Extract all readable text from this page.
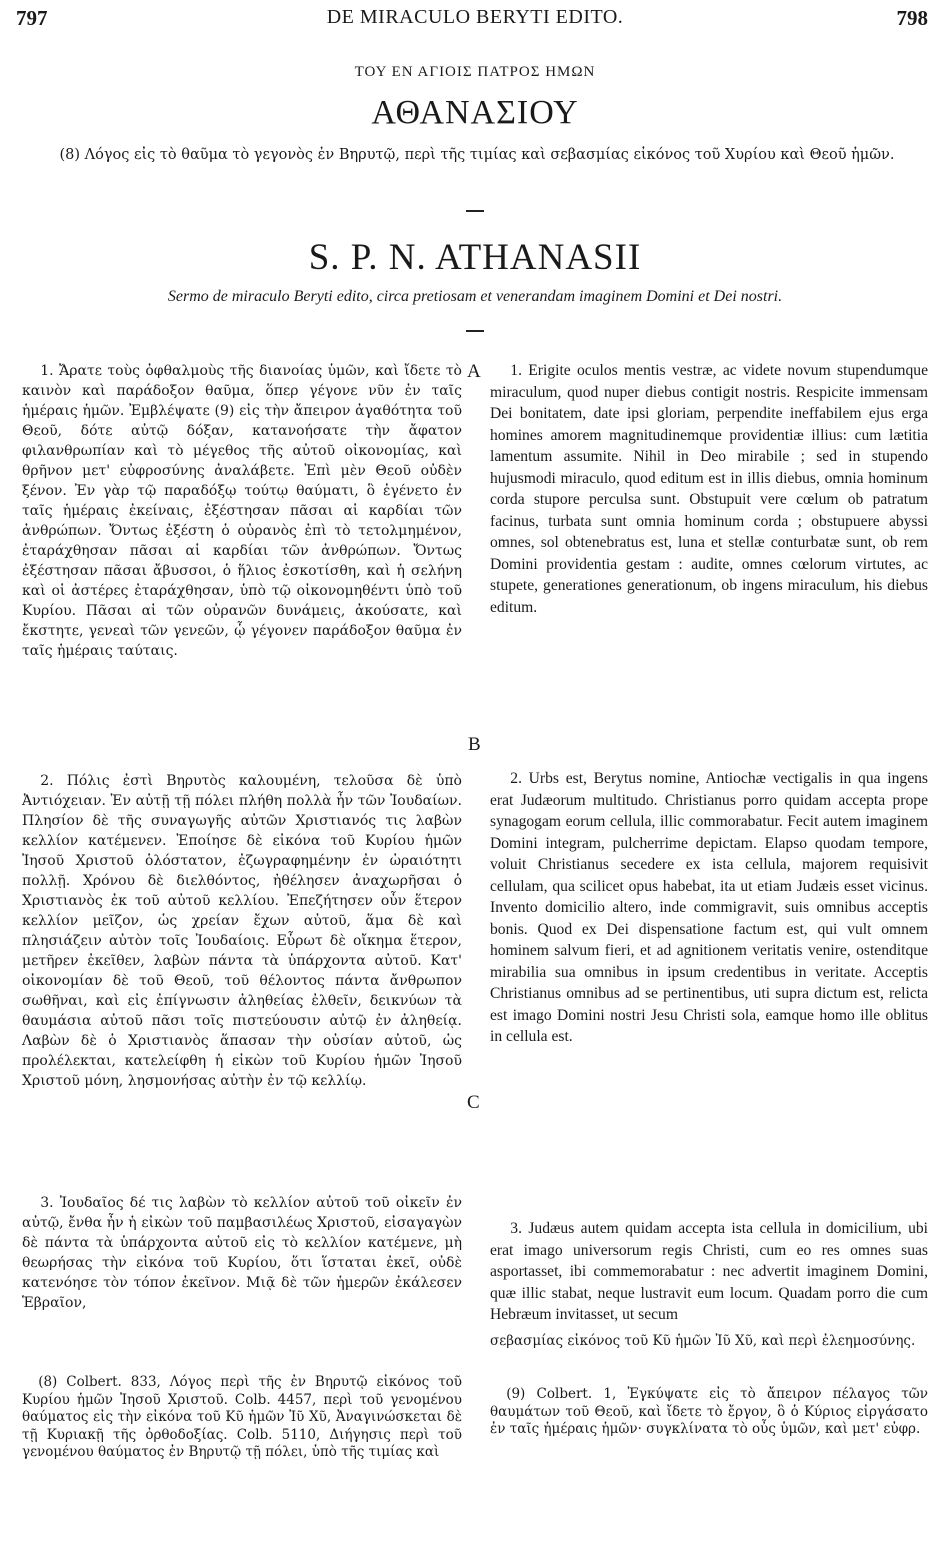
797	DE MIRACULO BERYTI EDITO.	798
ΤΟΥ ΕΝ ΑΓΙΟΙΣ ΠΑΤΡΟΣ ΗΜΩΝ
ΑΘΑΝΑΣΙΟΥ
(8) Λόγος εἰς τὸ θαῦμα τὸ γεγονὸς ἐν Βηρυτῷ, περὶ τῆς τιμίας καὶ σεβασμίας εἰκόνος τοῦ Χυρίου καὶ Θεοῦ ἡμῶν.
S. P. N. ATHANASII
Sermo de miraculo Beryti edito, circa pretiosam et venerandam imaginem Domini et Dei nostri.

1. Ἄρατε τοὺς ὀφθαλμοὺς τῆς διανοίας ὑμῶν, καὶ ἴδετε τὸ καινὸν καὶ παράδοξον θαῦμα, ὅπερ γέγονε νῦν ἐν ταῖς ἡμέραις ἡμῶν. Ἐμβλέψατε (9) εἰς τὴν ἄπειρον ἀγαθότητα τοῦ Θεοῦ, δότε αὐτῷ δόξαν, κατανοήσατε τὴν ἄφατον φιλανθρωπίαν καὶ τὸ μέγεθος τῆς αὐτοῦ οἰκονομίας, καὶ θρῆνον μετ' εὐφροσύνης ἀναλάβετε. Ἐπὶ μὲν Θεοῦ οὐδὲν ξένον. Ἐν γὰρ τῷ παραδόξῳ τούτῳ θαύματι, ὃ ἐγένετο ἐν ταῖς ἡμέραις ἐκείναις, ἐξέστησαν πᾶσαι αἱ καρδίαι τῶν ἀνθρώπων. Ὄντως ἐξέστη ὁ οὐρανὸς ἐπὶ τὸ τετολμημένον, ἐταράχθησαν πᾶσαι αἱ καρδίαι τῶν ἀνθρώπων. Ὄντως ἐξέστησαν πᾶσαι ἄβυσσοι, ὁ ἥλιος ἐσκοτίσθη, καὶ ἡ σελήνη καὶ οἱ ἀστέρες ἐταράχθησαν, ὑπὸ τῷ οἰκονομηθέντι ὑπὸ τοῦ Κυρίου. Πᾶσαι αἱ τῶν οὐρανῶν δυνάμεις, ἀκούσατε, καὶ ἔκστητε, γενεαὶ τῶν γενεῶν, ᾧ γέγονεν παράδοξον θαῦμα ἐν ταῖς ἡμέραις ταύταις.

2. Πόλις ἐστὶ Βηρυτὸς καλουμένη, τελοῦσα δὲ ὑπὸ Ἀντιόχειαν. Ἐν αὐτῇ τῇ πόλει πλήθη πολλὰ ἦν τῶν Ἰουδαίων. Πλησίον δὲ τῆς συναγωγῆς αὐτῶν Χριστιανός τις λαβὼν κελλίον κατέμενεν. Ἐποίησε δὲ εἰκόνα τοῦ Κυρίου ἡμῶν Ἰησοῦ Χριστοῦ ὁλόστατον, ἐζωγραφημένην ἐν ὡραιότητι πολλῇ. Χρόνου δὲ διελθόντος, ἠθέλησεν ἀναχωρῆσαι ὁ Χριστιανὸς ἐκ τοῦ αὐτοῦ κελλίου. Ἐπεζήτησεν οὖν ἕτερον κελλίον μεῖζον, ὡς χρείαν ἔχων αὐτοῦ, ἅμα δὲ καὶ πλησιάζειν αὐτὸν τοῖς Ἰουδαίοις. Εὗρωτ δὲ οἴκημα ἕτερον, μετῆρεν ἐκεῖθεν, λαβὼν πάντα τὰ ὑπάρχοντα αὐτοῦ. Κατ' οἰκονομίαν δὲ τοῦ Θεοῦ, τοῦ θέλοντος πάντα ἄνθρωπον σωθῆναι, καὶ εἰς ἐπίγνωσιν ἀληθείας ἐλθεῖν, δεικνύων τὰ θαυμάσια αὐτοῦ πᾶσι τοῖς πιστεύουσιν αὐτῷ ἐν ἀληθείᾳ. Λαβὼν δὲ ὁ Χριστιανὸς ἅπασαν τὴν οὐσίαν αὐτοῦ, ὡς προλέλεκται, κατελείφθη ἡ εἰκὼν τοῦ Κυρίου ἡμῶν Ἰησοῦ Χριστοῦ μόνη, λησμονήσας αὐτὴν ἐν τῷ κελλίῳ.

3. Ἰουδαῖος δέ τις λαβὼν τὸ κελλίον αὐτοῦ τοῦ οἰκεῖν ἐν αὐτῷ, ἔνθα ἦν ἡ εἰκὼν τοῦ παμβασιλέως Χριστοῦ, εἰσαγαγὼν δὲ πάντα τὰ ὑπάρχοντα αὐτοῦ εἰς τὸ κελλίον κατέμενε, μὴ θεωρήσας τὴν εἰκόνα τοῦ Κυρίου, ὅτι ἵσταται ἐκεῖ, οὐδὲ κατενόησε τὸν τόπον ἐκεῖνον. Μιᾷ δὲ τῶν ἡμερῶν ἐκάλεσεν Ἑβραῖον,

A
B
C

1. Erigite oculos mentis vestræ, ac videte novum stupendumque miraculum, quod nuper diebus contigit nostris. Respicite immensam Dei bonitatem, date ipsi gloriam, perpendite ineffabilem ejus erga homines amorem magnitudinemque providentiæ illius: cum lætitia lamentum assumite. Nihil in Deo mirabile ; sed in stupendo hujusmodi miraculo, quod editum est in illis diebus, omnia hominum corda stupore perculsa sunt. Obstupuit vere cœlum ob patratum facinus, turbata sunt omnia hominum corda ; obstupuere abyssi omnes, sol obtenebratus est, luna et stellæ conturbatæ sunt, ob rem Domini providentia gestam : audite, omnes cœlorum virtutes, ac stupete, generationes generationum, ob ingens miraculum, his diebus editum.

2. Urbs est, Berytus nomine, Antiochæ vectigalis in qua ingens erat Judæorum multitudo. Christianus porro quidam accepta prope synagogam eorum cellula, illic commorabatur. Fecit autem imaginem Domini integram, pulcherrime depictam. Elapso quodam tempore, voluit Christianus secedere ex ista cellula, majorem requisivit cellulam, qua scilicet opus habebat, ita ut etiam Judæis esset vicinus. Invento domicilio altero, inde commigravit, suis omnibus acceptis bonis. Quod ex Dei dispensatione factum est, qui vult omnem hominem salvum fieri, et ad agnitionem veritatis venire, ostenditque mirabilia sua omnibus in ipsum credentibus in veritate. Acceptis Christianus omnibus ad se pertinentibus, uti supra dictum est, relicta est imago Domini nostri Jesu Christi sola, eamque homo ille oblitus in cellula est.

3. Judæus autem quidam accepta ista cellula in domicilium, ubi erat imago universorum regis Christi, cum eo res omnes suas asportasset, ibi commemorabatur : nec advertit imaginem Domini, quæ illic stabat, neque lustravit eum locum. Quadam porro die cum Hebræum invitasset, ut secum

(8) Colbert. 833, Λόγος περὶ τῆς ἐν Βηρυτῷ εἰκόνος τοῦ Κυρίου ἡμῶν Ἰησοῦ Χριστοῦ. Colb. 4457, περὶ τοῦ γενομένου θαύματος εἰς τὴν εἰκόνα τοῦ Κῦ ἡμῶν Ἰῦ Χῦ, Ἀναγινώσκεται δὲ τῇ Κυριακῇ τῆς ὀρθοδοξίας. Colb. 5110, Διήγησις περὶ τοῦ γενομένου θαύματος ἐν Βηρυτῷ τῇ πόλει, ὑπὸ τῆς τιμίας καὶ

σεβασμίας εἰκόνος τοῦ Κῦ ἡμῶν Ἰῦ Χῦ, καὶ περὶ ἐλεημοσύνης.

(9) Colbert. 1, Ἐγκύψατε εἰς τὸ ἄπειρον πέλαγος τῶν θαυμάτων τοῦ Θεοῦ, καὶ ἴδετε τὸ ἔργον, ὃ ὁ Κύριος εἰργάσατο ἐν ταῖς ἡμέραις ἡμῶν· συγκλίνατα τὸ οὖς ὑμῶν, καὶ μετ' εὐφρ.
